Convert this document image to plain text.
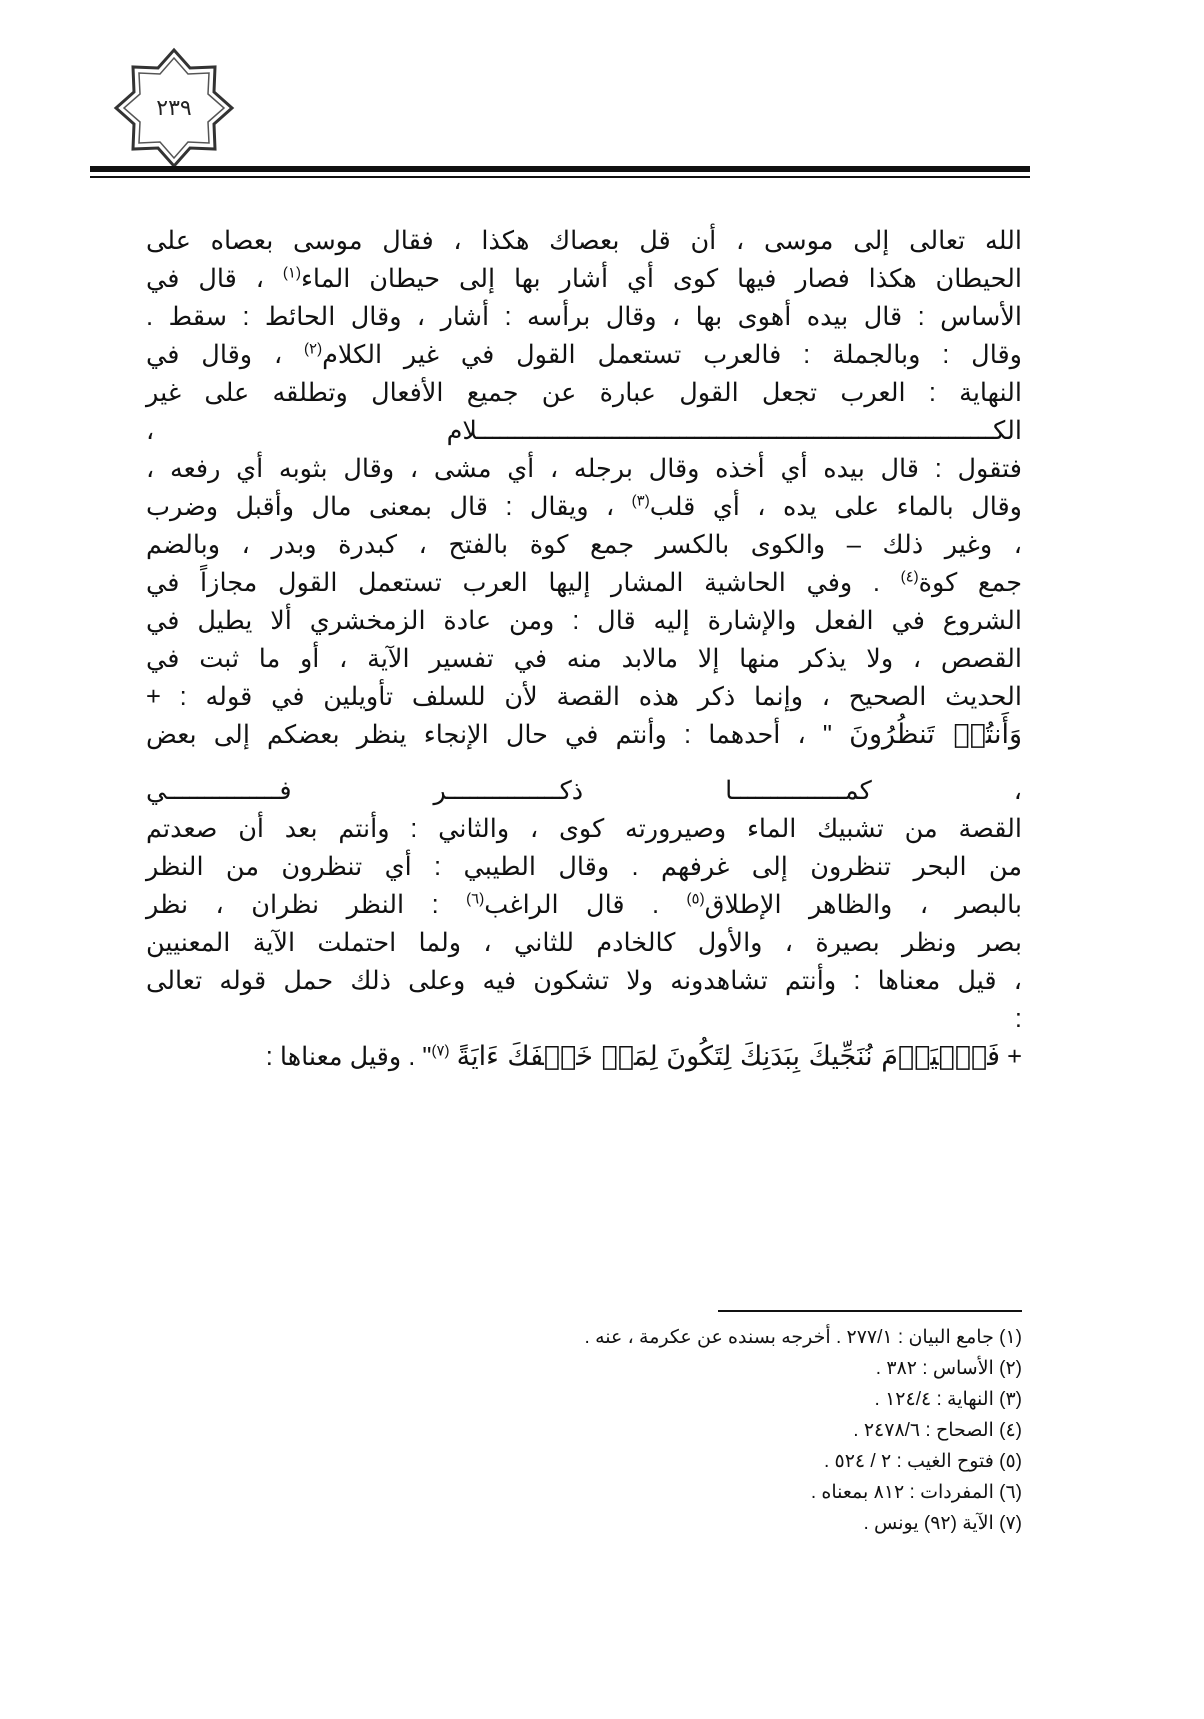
٢٣٩
الله تعالى إلى موسى ، أن قل بعصاك هكذا ، فقال موسى بعصاه على
الحيطان هكذا فصار فيها كوى أي أشار بها إلى حيطان الماء$^{(١)}$ ، قال في
الأساس : قال بيده أهوى بها ، وقال برأسه : أشار ، وقال الحائط : سقط .
وقال : وبالجملة : فالعرب تستعمل القول في غير الكلام$^{(٢)}$ ، وقال في
النهاية : العرب تجعل القول عبارة عن جميع الأفعال وتطلقه على غير
الكـــــــــــــــــــــــــــــــــــــــــــــــــــــــــــــــــــــلام ،
فتقول : قال بيده أي أخذه وقال برجله ، أي مشى ، وقال بثوبه أي رفعه ،
وقال بالماء على يده ، أي قلب$^{(٣)}$ ، ويقال : قال بمعنى مال وأقبل وضرب
، وغير ذلك – والكوى بالكسر جمع كوة بالفتح ، كبدرة وبدر ، وبالضم
جمع كوة$^{(٤)}$ . وفي الحاشية المشار إليها العرب تستعمل القول مجازاً في
الشروع في الفعل والإشارة إليه قال : ومن عادة الزمخشري ألا يطيل في
القصص ، ولا يذكر منها إلا مالابد منه في تفسير الآية ، أو ما ثبت في
الحديث الصحيح ، وإنما ذكر هذه القصة لأن للسلف تأويلين في قوله : +
وَأَنتُمۡ تَنظُرُونَ " ، أحدهما : وأنتم في حال الإنجاء ينظر بعضكم إلى بعض
، كمـــــــــــــــا ذكـــــــــــــــر فـــــــــــــــي
القصة من تشبيك الماء وصيرورته كوى ، والثاني : وأنتم بعد أن صعدتم
من البحر تنظرون إلى غرفهم . وقال الطيبي : أي تنظرون من النظر
بالبصر ، والظاهر الإطلاق$^{(٥)}$ . قال الراغب$^{(٦)}$ : النظر نظران ، نظر
بصر ونظر بصيرة ، والأول كالخادم للثاني ، ولما احتملت الآية المعنيين
، قيل معناها : وأنتم تشاهدونه ولا تشكون فيه وعلى ذلك حمل قوله تعالى
:
+ فَٱلۡيَوۡمَ نُنَجِّيكَ بِبَدَنِكَ لِتَكُونَ لِمَنۡ خَلۡفَكَ ءَايَةً $^{(٧)}$" . وقيل معناها :
(١) جامع البيان : ٢٧٧/١ . أخرجه بسنده عن عكرمة ، عنه .
(٢) الأساس : ٣٨٢ .
(٣) النهاية : ١٢٤/٤ .
(٤) الصحاح : ٢٤٧٨/٦ .
(٥) فتوح الغيب : ٢ / ٥٢٤ .
(٦) المفردات : ٨١٢ بمعناه .
(٧) الآية (٩٢) يونس .
